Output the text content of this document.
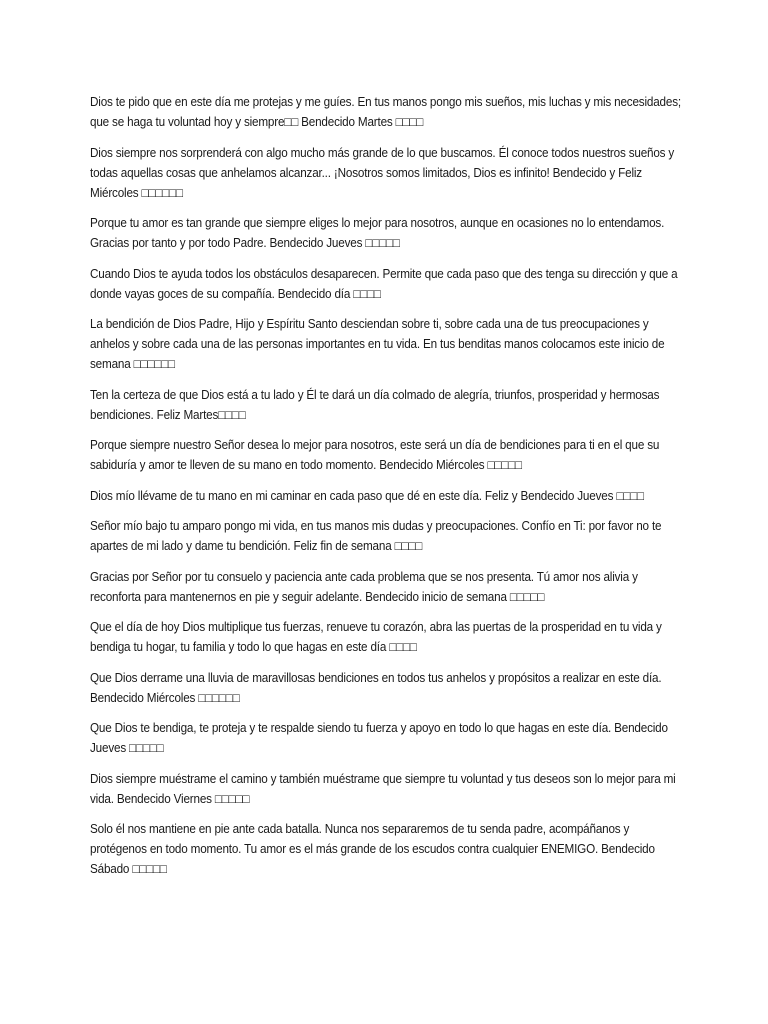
Dios te pido que en este día me protejas y me guíes. En tus manos pongo mis sueños, mis luchas y mis necesidades; que se haga tu voluntad hoy y siempre□□ Bendecido Martes □□□□

Dios siempre nos sorprenderá con algo mucho más grande de lo que buscamos. Él conoce todos nuestros sueños y todas aquellas cosas que anhelamos alcanzar... ¡Nosotros somos limitados, Dios es infinito! Bendecido y Feliz Miércoles □□□□□□

Porque tu amor es tan grande que siempre eliges lo mejor para nosotros, aunque en ocasiones no lo entendamos. Gracias por tanto y por todo Padre. Bendecido Jueves □□□□□

Cuando Dios te ayuda todos los obstáculos desaparecen. Permite que cada paso que des tenga su dirección y que a donde vayas goces de su compañía. Bendecido día □□□□

La bendición de Dios Padre, Hijo y Espíritu Santo desciendan sobre ti, sobre cada una de tus preocupaciones y anhelos y sobre cada una de las personas importantes en tu vida. En tus benditas manos colocamos este inicio de semana □□□□□□

Ten la certeza de que Dios está a tu lado y Él te dará un día colmado de alegría, triunfos, prosperidad y hermosas bendiciones. Feliz Martes□□□□

Porque siempre nuestro Señor desea lo mejor para nosotros, este será un día de bendiciones para ti en el que su sabiduría y amor te lleven de su mano en todo momento. Bendecido Miércoles □□□□□

Dios mío llévame de tu mano en mi caminar en cada paso que dé en este día. Feliz y Bendecido Jueves □□□□

Señor mío bajo tu amparo pongo mi vida, en tus manos mis dudas y preocupaciones. Confío en Ti: por favor no te apartes de mi lado y dame tu bendición. Feliz fin de semana □□□□

Gracias por Señor por tu consuelo y paciencia ante cada problema que se nos presenta. Tú amor nos alivia y reconforta para mantenernos en pie y seguir adelante. Bendecido inicio de semana □□□□□

Que el día de hoy Dios multiplique tus fuerzas, renueve tu corazón, abra las puertas de la prosperidad en tu vida y bendiga tu hogar, tu familia y todo lo que hagas en este día □□□□

Que Dios derrame una lluvia de maravillosas bendiciones en todos tus anhelos y propósitos a realizar en este día. Bendecido Miércoles □□□□□□

Que Dios te bendiga, te proteja y te respalde siendo tu fuerza y apoyo en todo lo que hagas en este día. Bendecido Jueves □□□□□

Dios siempre muéstrame el camino y también muéstrame que siempre tu voluntad y tus deseos son lo mejor para mi vida. Bendecido Viernes □□□□□

Solo él nos mantiene en pie ante cada batalla. Nunca nos separaremos de tu senda padre, acompáñanos y protégenos en todo momento. Tu amor es el más grande de los escudos contra cualquier ENEMIGO. Bendecido Sábado □□□□□
